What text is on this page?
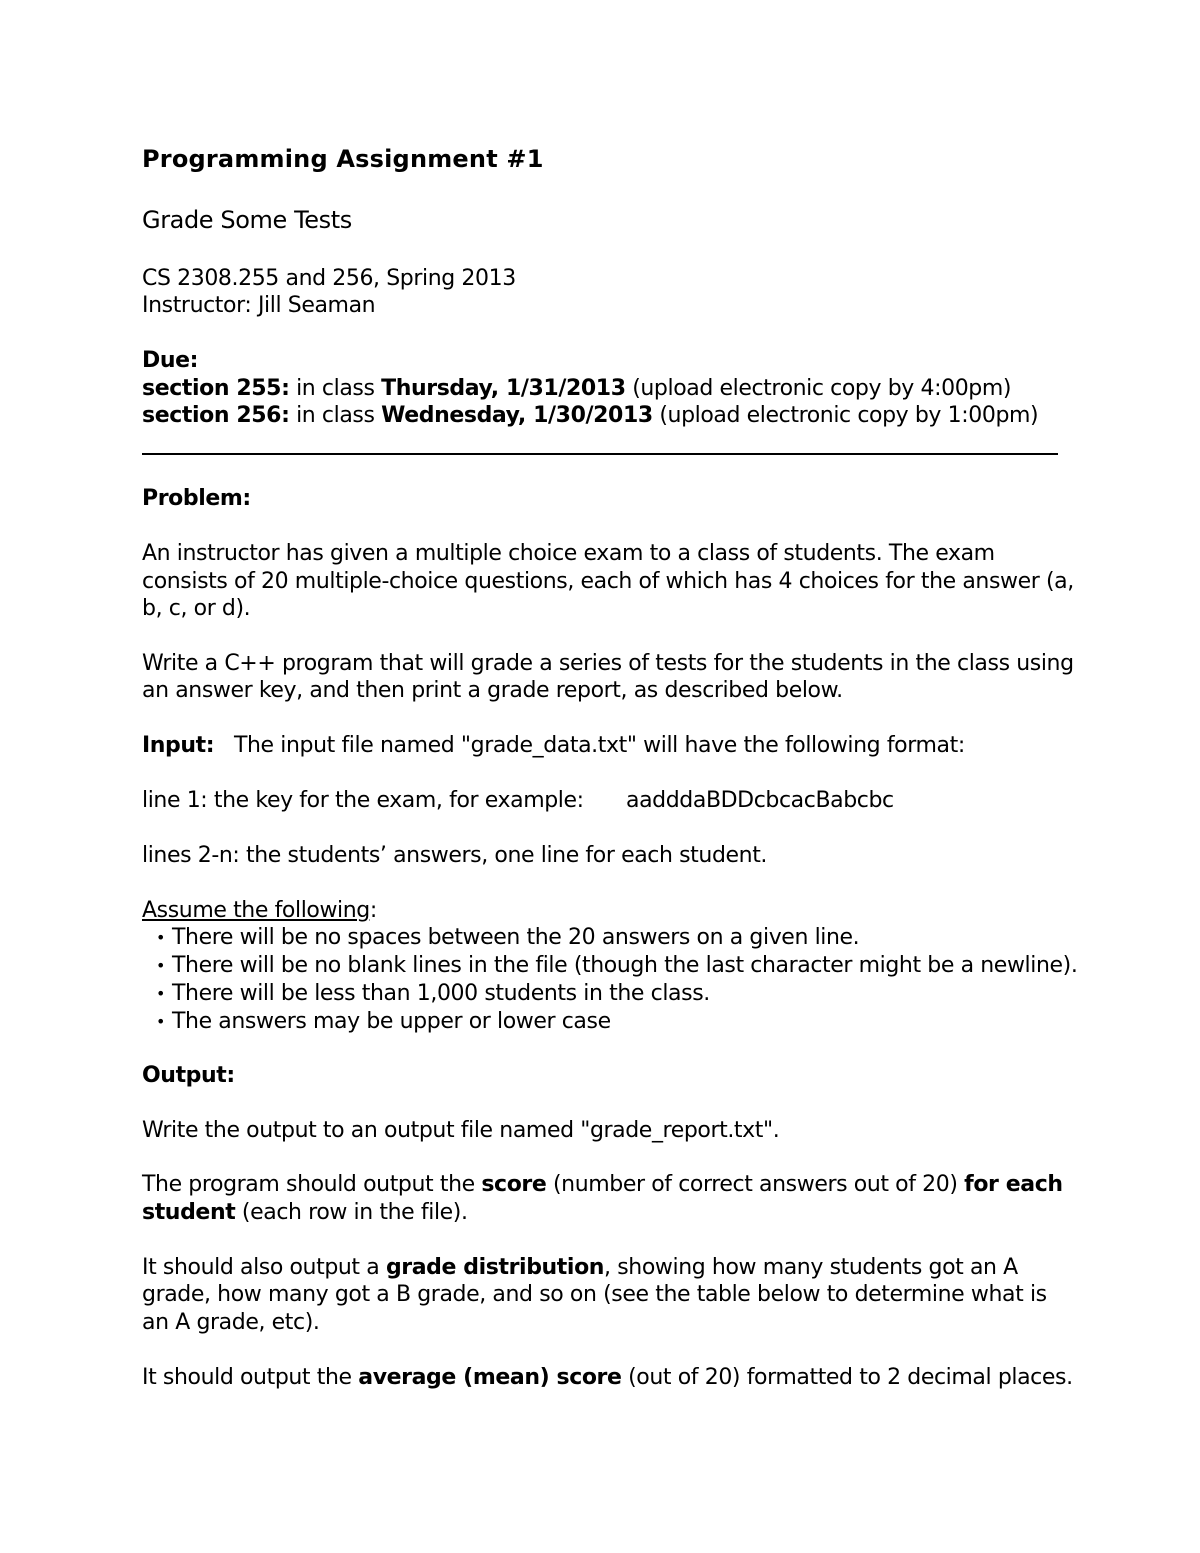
Programming Assignment #1
Grade Some Tests
CS 2308.255 and 256, Spring 2013
Instructor: Jill Seaman
Due:
section 255: in class Thursday, 1/31/2013 (upload electronic copy by 4:00pm)
section 256: in class Wednesday, 1/30/2013 (upload electronic copy by 1:00pm)
Problem:
An instructor has given a multiple choice exam to a class of students. The exam
consists of 20 multiple-choice questions, each of which has 4 choices for the answer (a,
b, c, or d).
Write a C++ program that will grade a series of tests for the students in the class using
an answer key, and then print a grade report, as described below.
Input:   The input file named "grade_data.txt" will have the following format:
line 1: the key for the exam, for example: aadddaBDDcbcacBabcbc
lines 2-n: the students’ answers, one line for each student.
Assume the following:
• There will be no spaces between the 20 answers on a given line.
• There will be no blank lines in the file (though the last character might be a newline).
• There will be less than 1,000 students in the class.
• The answers may be upper or lower case
Output:
Write the output to an output file named "grade_report.txt".
The program should output the score (number of correct answers out of 20) for each
student (each row in the file).
It should also output a grade distribution, showing how many students got an A
grade, how many got a B grade, and so on (see the table below to determine what is
an A grade, etc).
It should output the average (mean) score (out of 20) formatted to 2 decimal places.
